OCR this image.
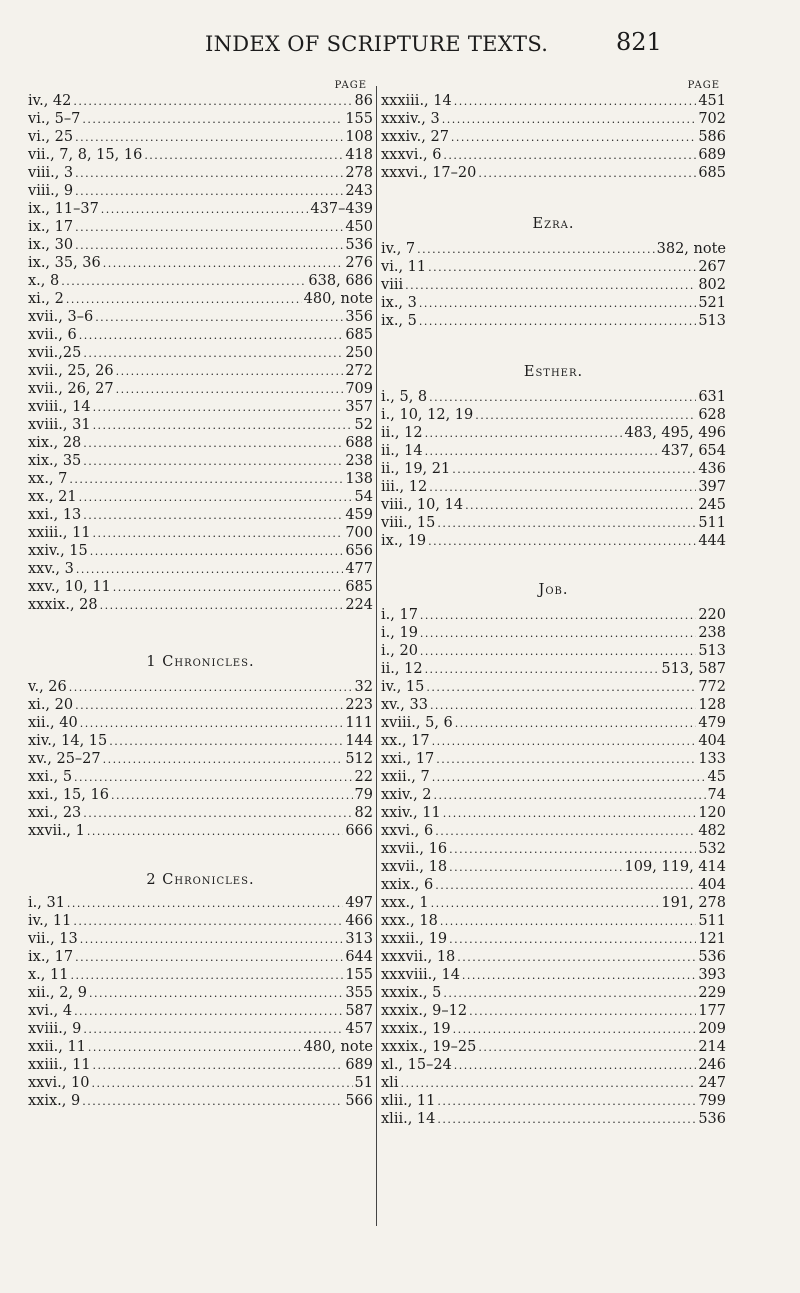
INDEX OF SCRIPTURE TEXTS.	821
PAGE
iv., 42 .....	86
vi., 5–7 .....	155
vi., 25 .....	108
vii., 7, 8, 15, 16 .....	418
viii., 3 .....	278
viii., 9 .....	243
ix., 11–37 .....	437–439
ix., 17 .....	450
ix., 30 .....	536
ix., 35, 36 .....	276
x., 8 .....	638, 686
xi., 2 .....	480, note
xvii., 3–6 .....	356
xvii., 6 .....	685
xvii.,25 .....	250
xvii., 25, 26 .....	272
xvii., 26, 27 .....	709
xviii., 14 .....	357
xviii., 31 .....	52
xix., 28 .....	688
xix., 35 .....	238
xx., 7 .....	138
xx., 21 .....	54
xxi., 13 .....	459
xxiii., 11 .....	700
xxiv., 15 .....	656
xxv., 3 .....	477
xxv., 10, 11 .....	685
xxxix., 28 .....	224
1 Chronicles.
v., 26 .....	32
xi., 20 .....	223
xii., 40 .....	111
xiv., 14, 15 .....	144
xv., 25–27 .....	512
xxi., 5 .....	22
xxi., 15, 16 .....	79
xxi., 23 .....	82
xxvii., 1 .....	666
2 Chronicles.
i., 31 .....	497
iv., 11 .....	466
vii., 13 .....	313
ix., 17 .....	644
x., 11 .....	155
xii., 2, 9 .....	355
xvi., 4 .....	587
xviii., 9 .....	457
xxii., 11 .....	480, note
xxiii., 11 .....	689
xxvi., 10 .....	51
xxix., 9 .....	566
PAGE
xxxiii., 14 .....	451
xxxiv., 3 .....	702
xxxiv., 27 .....	586
xxxvi., 6 .....	689
xxxvi., 17–20 .....	685
Ezra.
iv., 7 .....	382, note
vi., 11 .....	267
viii .....	802
ix., 3 .....	521
ix., 5 .....	513
Esther.
i., 5, 8 .....	631
i., 10, 12, 19 .....	628
ii., 12 .....	483, 495, 496
ii., 14 .....	437, 654
ii., 19, 21 .....	436
iii., 12 .....	397
viii., 10, 14 .....	245
viii., 15 .....	511
ix., 19 .....	444
Job.
i., 17 .....	220
i., 19 .....	238
i., 20 .....	513
ii., 12 .....	513, 587
iv., 15 .....	772
xv., 33 .....	128
xviii., 5, 6 .....	479
xx., 17 .....	404
xxi., 17 .....	133
xxii., 7 .....	45
xxiv., 2 .....	74
xxiv., 11 .....	120
xxvi., 6 .....	482
xxvii., 16 .....	532
xxvii., 18 .....	109, 119, 414
xxix., 6 .....	404
xxx., 1 .....	191, 278
xxx., 18 .....	511
xxxii., 19 .....	121
xxxvii., 18 .....	536
xxxviii., 14 .....	393
xxxix., 5 .....	229
xxxix., 9–12 .....	177
xxxix., 19 .....	209
xxxix., 19–25 .....	214
xl., 15–24 .....	246
xli .....	247
xlii., 11 .....	799
xlii., 14 .....	536
